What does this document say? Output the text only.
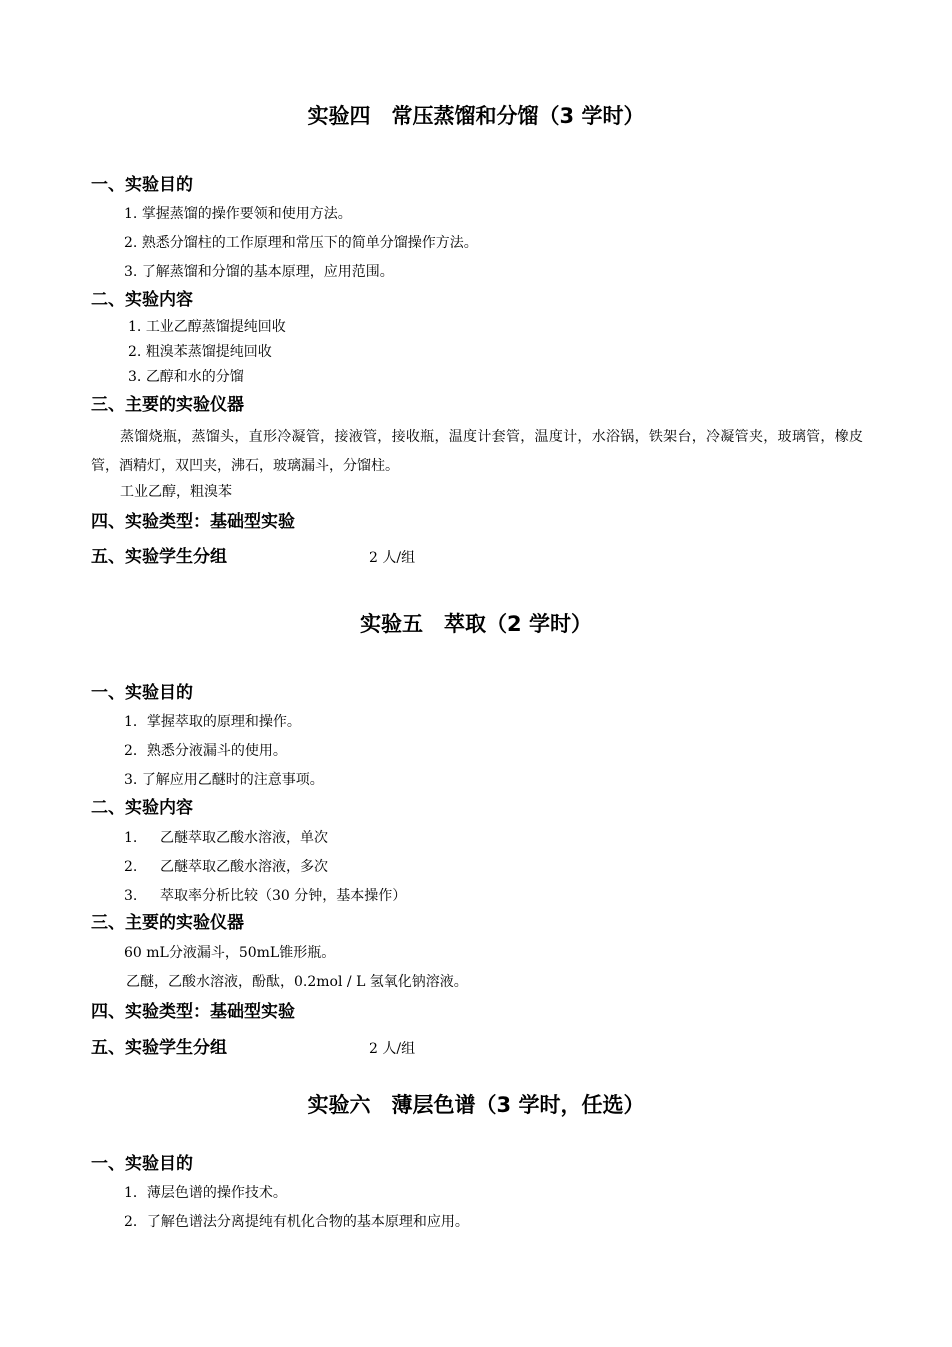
实验四　常压蒸馏和分馏（3 学时）
一、实验目的
1. 掌握蒸馏的操作要领和使用方法。
2. 熟悉分馏柱的工作原理和常压下的简单分馏操作方法。
3. 了解蒸馏和分馏的基本原理，应用范围。
二、实验内容
1. 工业乙醇蒸馏提纯回收
2. 粗溴苯蒸馏提纯回收
3. 乙醇和水的分馏
三、主要的实验仪器
蒸馏烧瓶，蒸馏头，直形冷凝管，接液管，接收瓶，温度计套管，温度计，水浴锅，铁架台，冷凝管夹，玻璃管，橡皮管，酒精灯，双凹夹，沸石，玻璃漏斗，分馏柱。
工业乙醇，粗溴苯
四、实验类型：基础型实验
五、实验学生分组	2 人/组
实验五　萃取（2 学时）
一、实验目的
1．掌握萃取的原理和操作。
2．熟悉分液漏斗的使用。
3. 了解应用乙醚时的注意事项。
二、实验内容
1. 乙醚萃取乙酸水溶液，单次
2. 乙醚萃取乙酸水溶液，多次
3. 萃取率分析比较（30 分钟，基本操作）
三、主要的实验仪器
60 mL分液漏斗，50mL锥形瓶。
乙醚，乙酸水溶液，酚酞，0.2mol / L 氢氧化钠溶液。
四、实验类型：基础型实验
五、实验学生分组	2 人/组
实验六　薄层色谱（3 学时，任选）
一、实验目的
1．薄层色谱的操作技术。
2．了解色谱法分离提纯有机化合物的基本原理和应用。
